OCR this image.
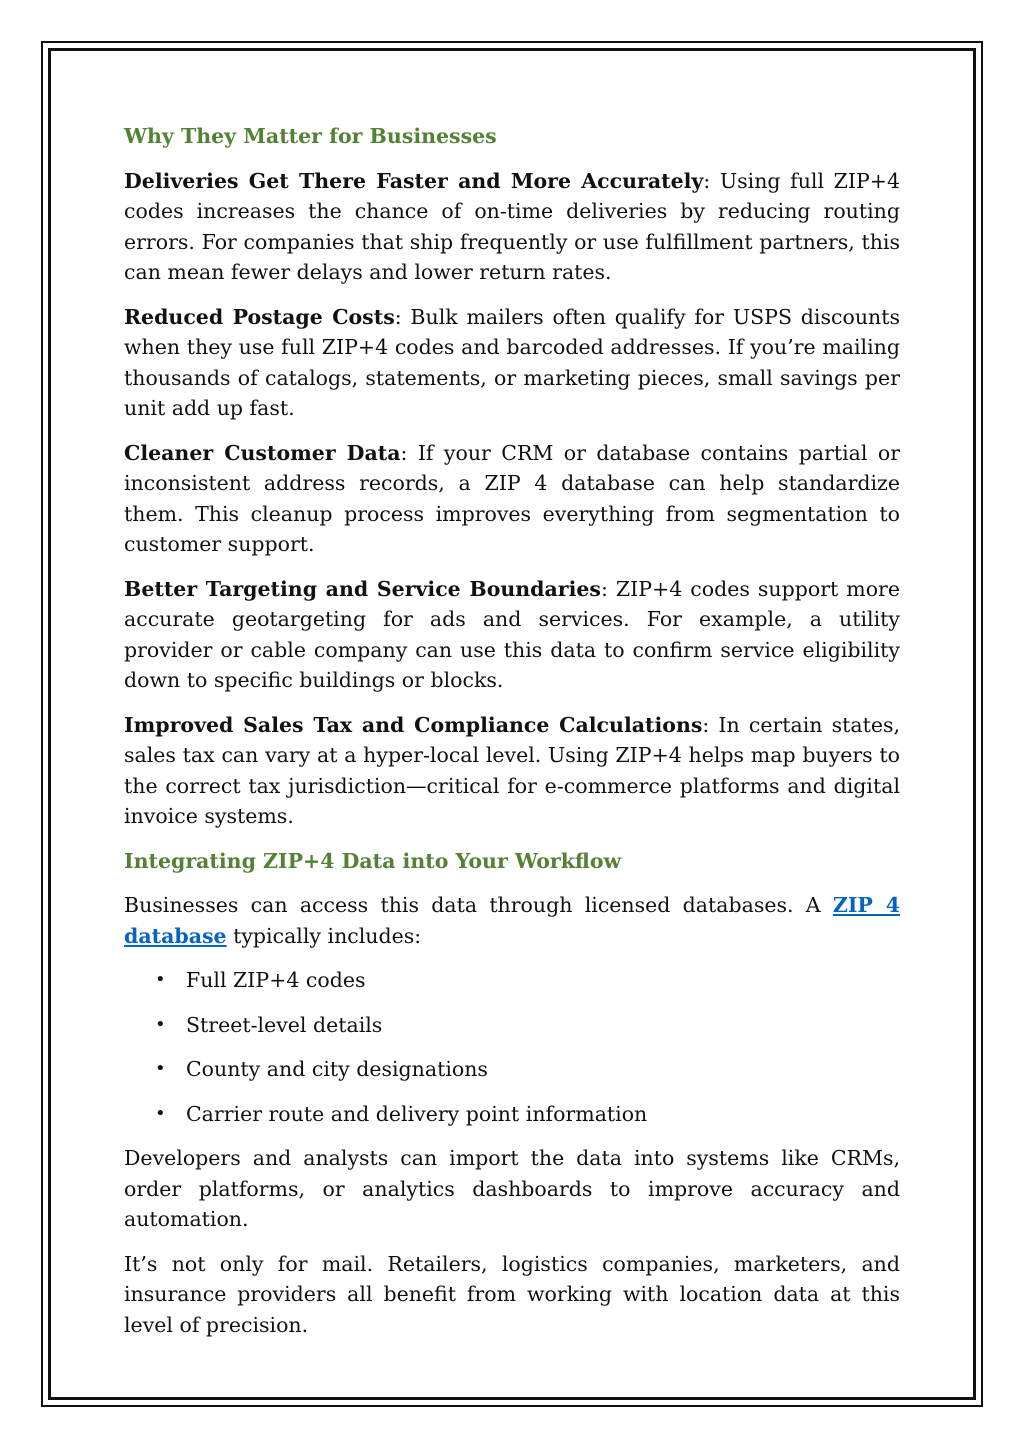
Why They Matter for Businesses

Deliveries Get There Faster and More Accurately: Using full ZIP+4 codes increases the chance of on-time deliveries by reducing routing errors. For companies that ship frequently or use fulfillment partners, this can mean fewer delays and lower return rates.

Reduced Postage Costs: Bulk mailers often qualify for USPS discounts when they use full ZIP+4 codes and barcoded addresses. If you’re mailing thousands of catalogs, statements, or marketing pieces, small savings per unit add up fast.

Cleaner Customer Data: If your CRM or database contains partial or inconsistent address records, a ZIP 4 database can help standardize them. This cleanup process improves everything from segmentation to customer support.

Better Targeting and Service Boundaries: ZIP+4 codes support more accurate geotargeting for ads and services. For example, a utility provider or cable company can use this data to confirm service eligibility down to specific buildings or blocks.

Improved Sales Tax and Compliance Calculations: In certain states, sales tax can vary at a hyper-local level. Using ZIP+4 helps map buyers to the correct tax jurisdiction—critical for e-commerce platforms and digital invoice systems.

Integrating ZIP+4 Data into Your Workflow

Businesses can access this data through licensed databases. A ZIP 4 database typically includes:

• Full ZIP+4 codes
• Street-level details
• County and city designations
• Carrier route and delivery point information

Developers and analysts can import the data into systems like CRMs, order platforms, or analytics dashboards to improve accuracy and automation.

It’s not only for mail. Retailers, logistics companies, marketers, and insurance providers all benefit from working with location data at this level of precision.
